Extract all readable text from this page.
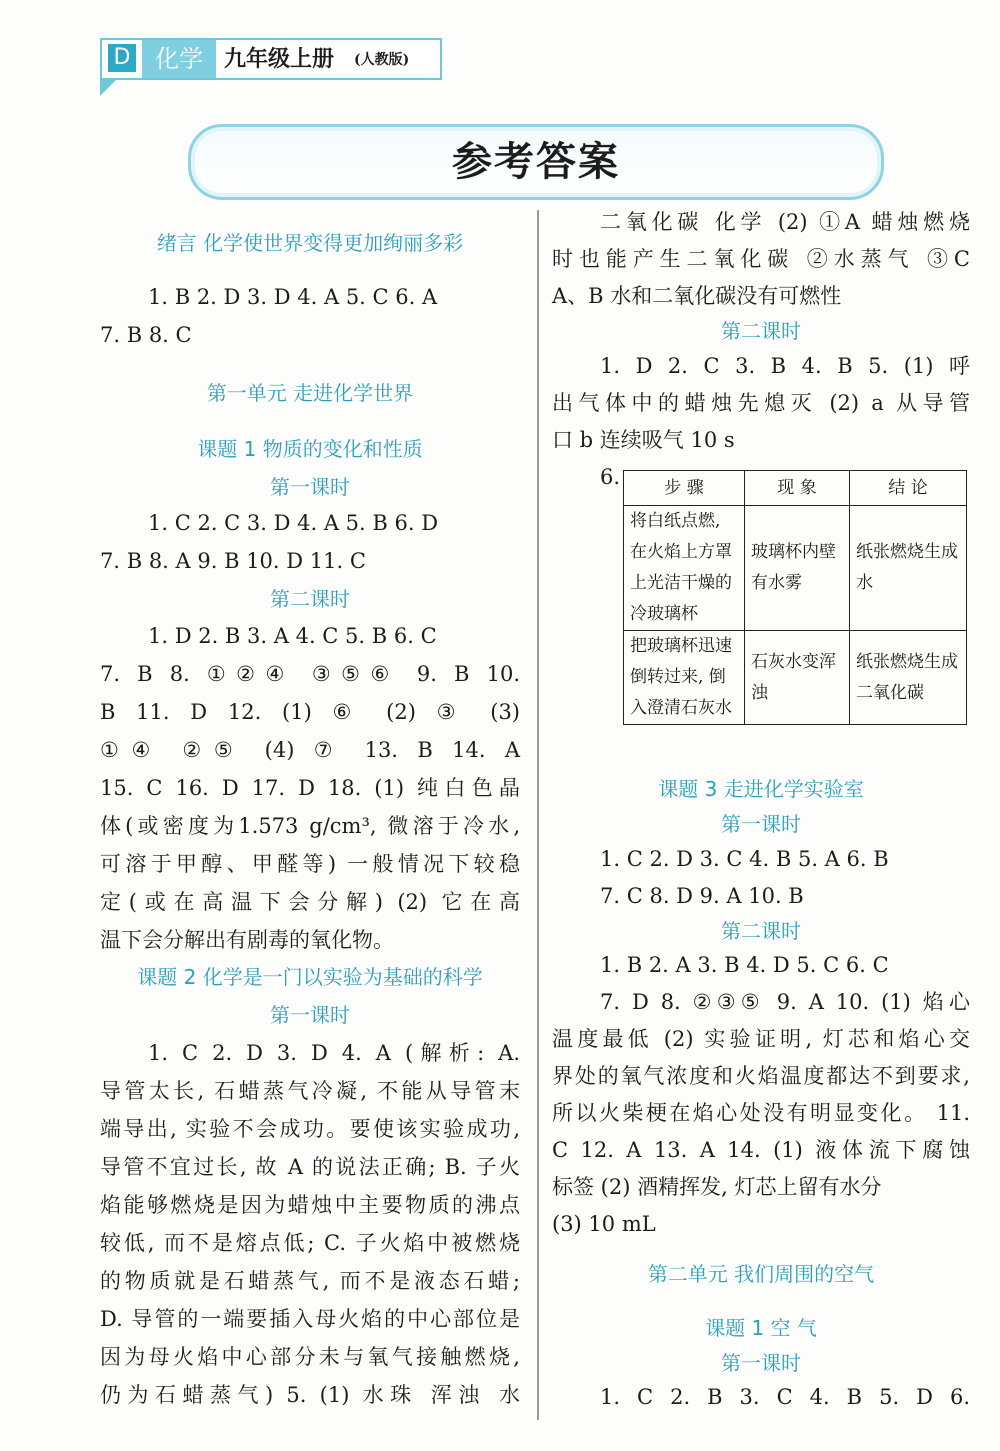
D	化学 九年级上册 (人教版)
参考答案
绪言 化学使世界变得更加绚丽多彩
1. B 2. D 3. D 4. A 5. C 6. A
7. B 8. C
第一单元 走进化学世界
课题 1 物质的变化和性质
第一课时
1. C 2. C 3. D 4. A 5. B 6. D
7. B 8. A 9. B 10. D 11. C
第二课时
1. D 2. B 3. A 4. C 5. B 6. C
7. B 8. ①②④ ③⑤⑥ 9. B 10.
B 11. D 12. (1) ⑥ (2) ③ (3)
①④ ②⑤ (4) ⑦ 13. B 14. A
15. C 16. D 17. D 18. (1) 纯白色晶
体(或密度为1.573 g/cm³, 微溶于冷水,
可溶于甲醇、甲醛等) 一般情况下较稳
定(或在高温下会分解) (2) 它在高
温下会分解出有剧毒的氧化物。
课题 2 化学是一门以实验为基础的科学
第一课时
1. C 2. D 3. D 4. A (解析: A.
导管太长, 石蜡蒸气冷凝, 不能从导管末
端导出, 实验不会成功。要使该实验成功,
导管不宜过长, 故 A 的说法正确; B. 子火
焰能够燃烧是因为蜡烛中主要物质的沸点
较低, 而不是熔点低; C. 子火焰中被燃烧
的物质就是石蜡蒸气, 而不是液态石蜡;
D. 导管的一端要插入母火焰的中心部位是
因为母火焰中心部分未与氧气接触燃烧,
仍为石蜡蒸气) 5. (1) 水珠 浑浊 水
二氧化碳 化学 (2) ①A 蜡烛燃烧
时也能产生二氧化碳 ②水蒸气 ③C
A、B 水和二氧化碳没有可燃性
第二课时
1. D 2. C 3. B 4. B 5. (1) 呼
出气体中的蜡烛先熄灭 (2) a 从导管
口 b 连续吸气 10 s
6.
课题 3 走进化学实验室
第一课时
1. C 2. D 3. C 4. B 5. A 6. B
7. C 8. D 9. A 10. B
第二课时
1. B 2. A 3. B 4. D 5. C 6. C
7. D 8. ②③⑤ 9. A 10. (1) 焰心
温度最低 (2) 实验证明, 灯芯和焰心交
界处的氧气浓度和火焰温度都达不到要求,
所以火柴梗在焰心处没有明显变化。 11.
C 12. A 13. A 14. (1) 液体流下腐蚀
标签 (2) 酒精挥发, 灯芯上留有水分
(3) 10 mL
第二单元 我们周围的空气
课题 1 空 气
第一课时
1. C 2. B 3. C 4. B 5. D 6.
步 骤	现 象	结 论
将白纸点燃, 在火焰上方罩上光洁干燥的冷玻璃杯	玻璃杯内壁有水雾	纸张燃烧生成水
把玻璃杯迅速倒转过来, 倒入澄清石灰水	石灰水变浑浊	纸张燃烧生成二氧化碳
